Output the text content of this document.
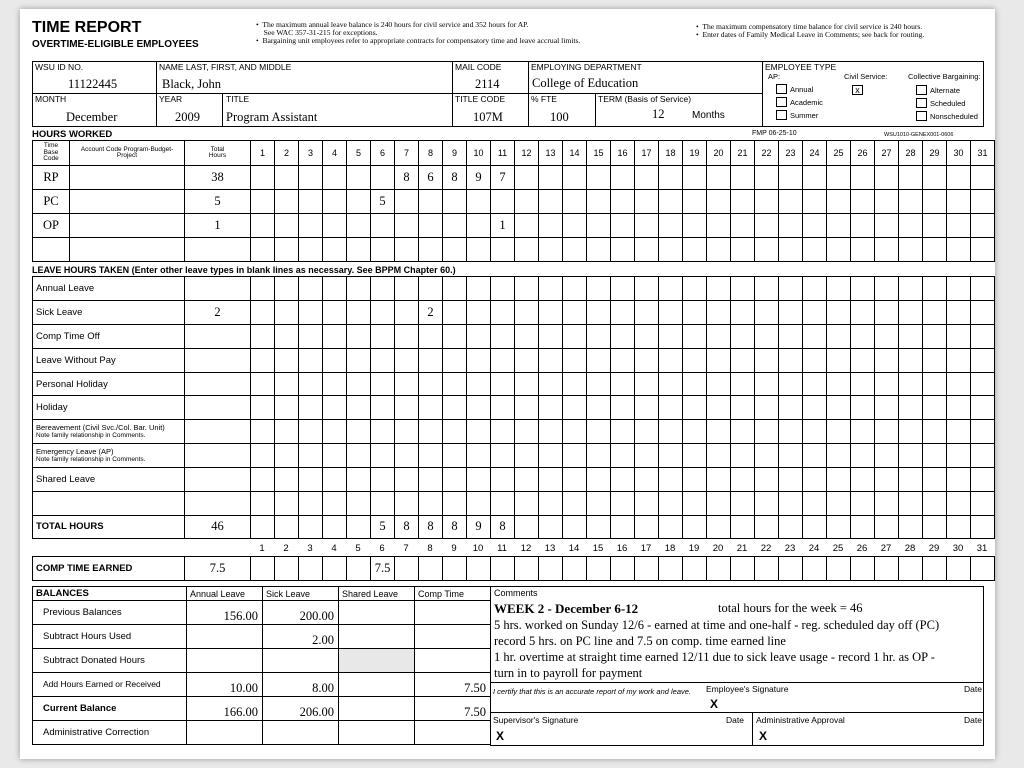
TIME REPORT
OVERTIME-ELIGIBLE EMPLOYEES
•  The maximum annual leave balance is 240 hours for civil service and 352 hours for AP.
See WAC 357-31-215 for exceptions.
•  Bargaining unit employees refer to appropriate contracts for compensatory time and leave accrual limits.
•  The maximum compensatory time balance for civil service is 240 hours.
•  Enter dates of Family Medical Leave in Comments; see back for routing.
WSU ID NO.
11122445
NAME LAST, FIRST, AND MIDDLE
Black, John
MAIL CODE
2114
EMPLOYING DEPARTMENT
College of Education
MONTH
December
YEAR
2009
TITLE
Program Assistant
TITLE CODE
107M
% FTE
100
TERM (Basis of Service)
12	Months
EMPLOYEE TYPE
AP:	Civil Service:	Collective Bargaining:
Annual
Academic
Summer
x	Alternate
Scheduled
Nonscheduled
HOURS WORKED	FMP 06-25-10	WSU1010-GENEX001-0606
Time Base Code	Account Code Program-Budget-Project	Total Hours	1	2	3	4	5	6	7	8	9	10	11	12	13	14	15	16	17	18	19	20	21	22	23	24	25	26	27	28	29	30	31
RP		38							8	6	8	9	7																				
PC		5						5																									
OP		1											1																				

LEAVE HOURS TAKEN (Enter other leave types in blank lines as necessary. See BPPM Chapter 60.)
Annual Leave																																
Sick Leave	2								2																							
Comp Time Off																																
Leave Without Pay																																
Personal Holiday																																
Holiday																																

Bereavement (Civil Svc./Col. Bar. Unit)
Note family relationship in Comments.																																

Emergency Leave (AP)
Note family relationship in Comments.																																

Shared Leave																																

TOTAL HOURS	46						5	8	8	8	9	8																				
1	2	3	4	5	6	7	8	9	10	11	12	13	14	15	16	17	18	19	20	21	22	23	24	25	26	27	28	29	30	31
COMP TIME EARNED	7.5						7.5																									
BALANCES	Annual Leave	Sick Leave	Shared Leave	Comp Time
Previous Balances	156.00	200.00		
Subtract Hours Used		2.00		
Subtract Donated Hours				
Add Hours Earned or Received	10.00	8.00		7.50
Current Balance	166.00	206.00		7.50
Administrative Correction				
Comments
WEEK 2 - December 6-12	total hours for the week = 46
5 hrs. worked on Sunday 12/6 - earned at time and one-half - reg. scheduled day off (PC)
record 5 hrs. on PC line and 7.5 on comp. time earned line
1 hr. overtime at straight time earned 12/11 due to sick leave usage - record 1 hr. as OP -
turn in to payroll for payment
I certify that this is an accurate report of my work and leave.	Employee's Signature
X
Date
Supervisor's Signature
X
Date Administrative Approval
X
Date
